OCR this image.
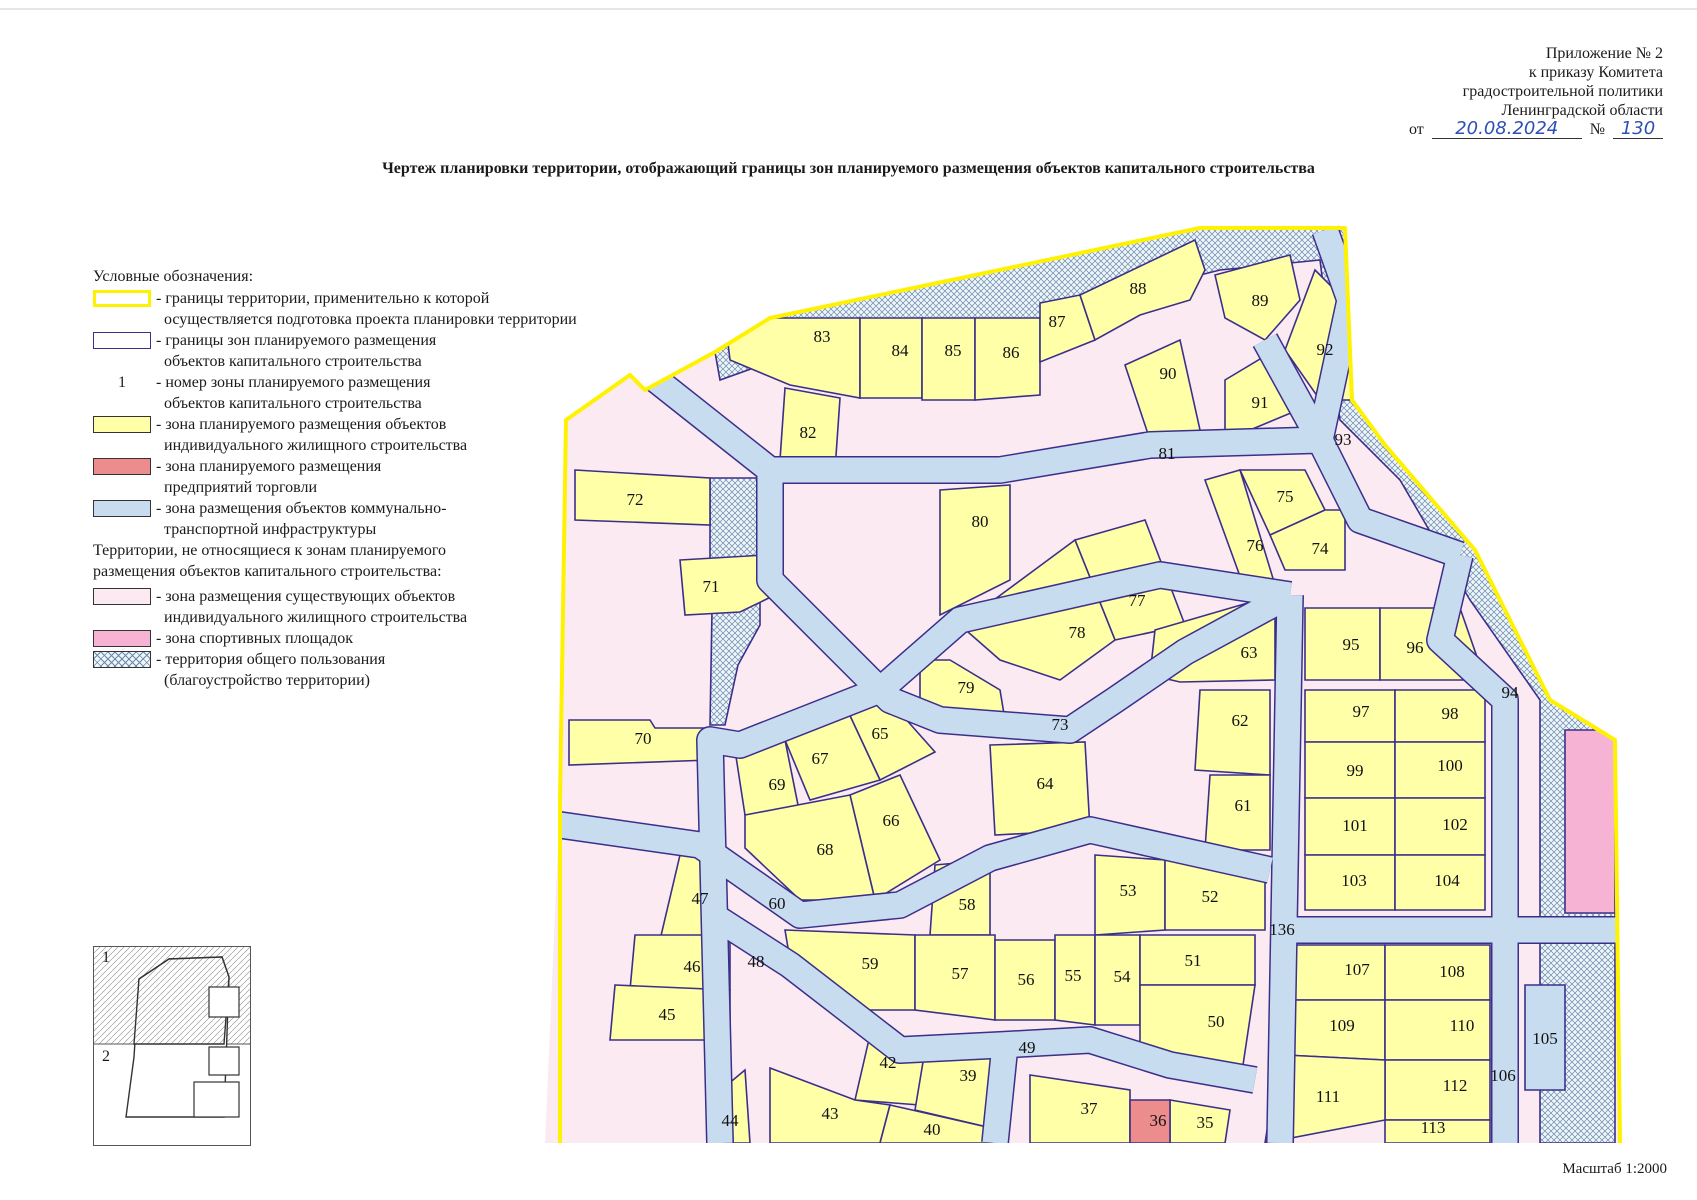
Приложение № 2
к приказу Комитета
градостроительной политики
Ленинградской области
от 20.08.2024 № 130
Чертеж планировки территории, отображающий границы зон планируемого размещения объектов капитального строительства
Условные обозначения:
- границы территории, применительно к которой
осуществляется подготовка проекта планировки территории
- границы зон планируемого размещения
объектов капитального строительства
1	- номер зоны планируемого размещения
объектов капитального строительства
- зона планируемого размещения объектов
индивидуального жилищного строительства
- зона планируемого размещения
предприятий торговли
- зона размещения объектов коммунально-
транспортной инфраструктуры
Территории, не относящиеся к зонам планируемого
размещения объектов капитального строительства:
- зона размещения существующих объектов
индивидуального жилищного строительства
- зона спортивных площадок
- территория общего пользования
(благоустройство территории)
83
84 85 86
87
88
89
92
90
91
93
82
81
72
80
75
76	74
71
77
78
63	95	96
94
79
62	97	98
73
65
70
67
69	64
99	100
61
66	101	102
68
53	52
103	104
47	60	58
136
46	48	59
57	56 55 54
51	107	108
45	50	109	110
105
49
42
39
112
106
44	43	37
36 35
111
40	113
1
2
Масштаб 1:2000
